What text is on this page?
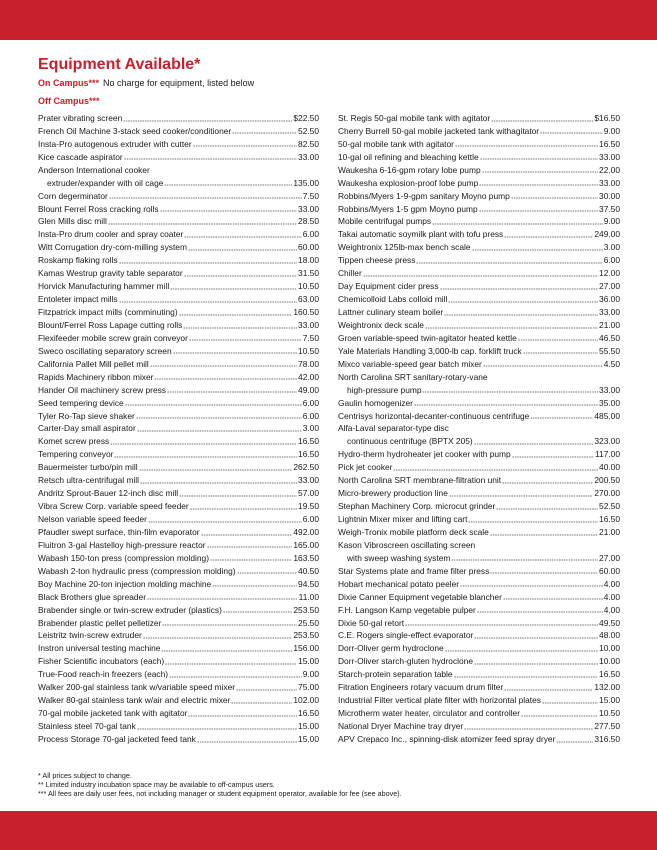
Equipment Available*
On Campus*** No charge for equipment, listed below
Off Campus***
Prater vibrating screen	$22.50
French Oil Machine 3-stack seed cooker/conditioner	52.50
Insta-Pro autogenous extruder with cutter	82.50
Kice cascade aspirator	33.00
Anderson International cooker
extruder/expander with oil cage	135.00
Corn degerminator	7.50
Blount Ferrel Ross cracking rolls	33.00
Glen Mills disc mill	28.50
Insta-Pro drum cooler and spray coater	6.00
Witt Corrugation dry-corn-milling system	60.00
Roskamp flaking rolls	18.00
Kamas Westrup gravity table separator	31.50
Horvick Manufacturing hammer mill	10.50
Entoleter impact mills	63.00
Fitzpatrick impact mills (comminuting)	160.50
Blount/Ferrel Ross Lapage cutting rolls	33.00
Flexifeeder mobile screw grain conveyor	7.50
Sweco oscillating separatory screen	10.50
California Pallet Mill pellet mill	78.00
Rapids Machinery ribbon mixer	42.00
Hander Oil machinery screw press	49.00
Seed tempering device	6.00
Tyler Ro-Tap sieve shaker	6.00
Carter-Day small aspirator	3.00
Komet screw press	16.50
Tempering conveyor	16.50
Bauermeister turbo/pin mill	262.50
Retsch ultra-centrifugal mill	33.00
Andritz Sprout-Bauer 12-inch disc mill	57.00
Vibra Screw Corp. variable speed feeder	19.50
Nelson variable speed feeder	6.00
Pfaudler swept surface, thin-film evaporator	492.00
Fluitron 3-gal Hastelloy high-pressure reactor	165.00
Wabash 150-ton press (compression molding)	163.50
Wabash 2-ton hydraulic press (compression molding)	40.50
Boy Machine 20-ton injection molding machine	94.50
Black Brothers glue spreader	11.00
Brabender single or twin-screw extruder (plastics)	253.50
Brabender plastic pellet pelletizer	25.50
Leistritz twin-screw extruder	253.50
Instron universal testing machine	156.00
Fisher Scientific incubators (each)	15.00
True-Food reach-in freezers (each)	9.00
Walker 200-gal stainless tank w/variable speed mixer	75.00
Walker 80-gal stainless tank w/air and electric mixer	102.00
70-gal mobile jacketed tank with agitator	16.50
Stainless steel 70-gal tank	15.00
Process Storage 70-gal jacketed feed tank	15.00
St. Regis 50-gal mobile tank with agitator	$16.50
Cherry Burrell 50-gal mobile jacketed tank withagitator	9.00
50-gal mobile tank with agitator	16.50
10-gal oil refining and bleaching kettle	33.00
Waukesha 6-16-gpm rotary lobe pump	22.00
Waukesha explosion-proof lobe pump	33.00
Robbins/Myers 1-9-gpm sanitary Moyno pump	30.00
Robbins/Myers 1-5 gpm Moyno pump	37.50
Mobile centrifugal pumps	9.00
Takai automatic soymilk plant with tofu press	249.00
Weightronix 125lb-max bench scale	3.00
Tippen cheese press	6.00
Chiller	12.00
Day Equipment cider press	27.00
Chemicolloid Labs colloid mill	36.00
Lattner culinary steam boiler	33.00
Weightronix deck scale	21.00
Groen variable-speed twin-agitator heated kettle	46.50
Yale Materials Handling 3,000-lb cap. forklift truck	55.50
Mixco variable-speed gear batch mixer	4.50
North Carolina SRT sanitary-rotary-vane
high-pressure pump	33.00
Gaulin homogenizer	35.00
Centrisys horizontal-decanter-continuous centrifuge	485.00
Alfa-Laval separator-type disc
continuous centrifuge (BPTX 205)	323.00
Hydro-therm hydroheater jet cooker with pump	117.00
Pick jet cooker	40.00
North Carolina SRT membrane-filtration unit	200.50
Micro-brewery production line	270.00
Stephan Machinery Corp. microcut grinder	52.50
Lightnin Mixer mixer and lifting cart	16.50
Weigh-Tronix mobile platform deck scale	21.00
Kason Vibroscreen oscillating screen
with sweep washing system	27.00
Star Systems plate and frame filter press	60.00
Hobart mechanical potato peeler	4.00
Dixie Canner Equipment vegetable blancher	4.00
F.H. Langson Kamp vegetable pulper	4.00
Dixie 50-gal retort	49.50
C.E. Rogers single-effect evaporator	48.00
Dorr-Oliver germ hydroclone	10.00
Dorr-Oliver starch-gluten hydroclone	10.00
Starch-protein separation table	16.50
Fitration Engineers rotary vacuum drum filter	132.00
Industrial Filter vertical plate filter with horizontal plates	15.00
Microtherm water heater, circulator and controller	10.50
National Dryer Machine tray dryer	277.50
APV Crepaco Inc., spinning-disk atomizer feed spray dryer	316.50
* All prices subject to change.
** Limited industry incubation space may be available to off-campus users.
*** All fees are daily user fees, not including manager or student equipment operator, available for fee (see above).
